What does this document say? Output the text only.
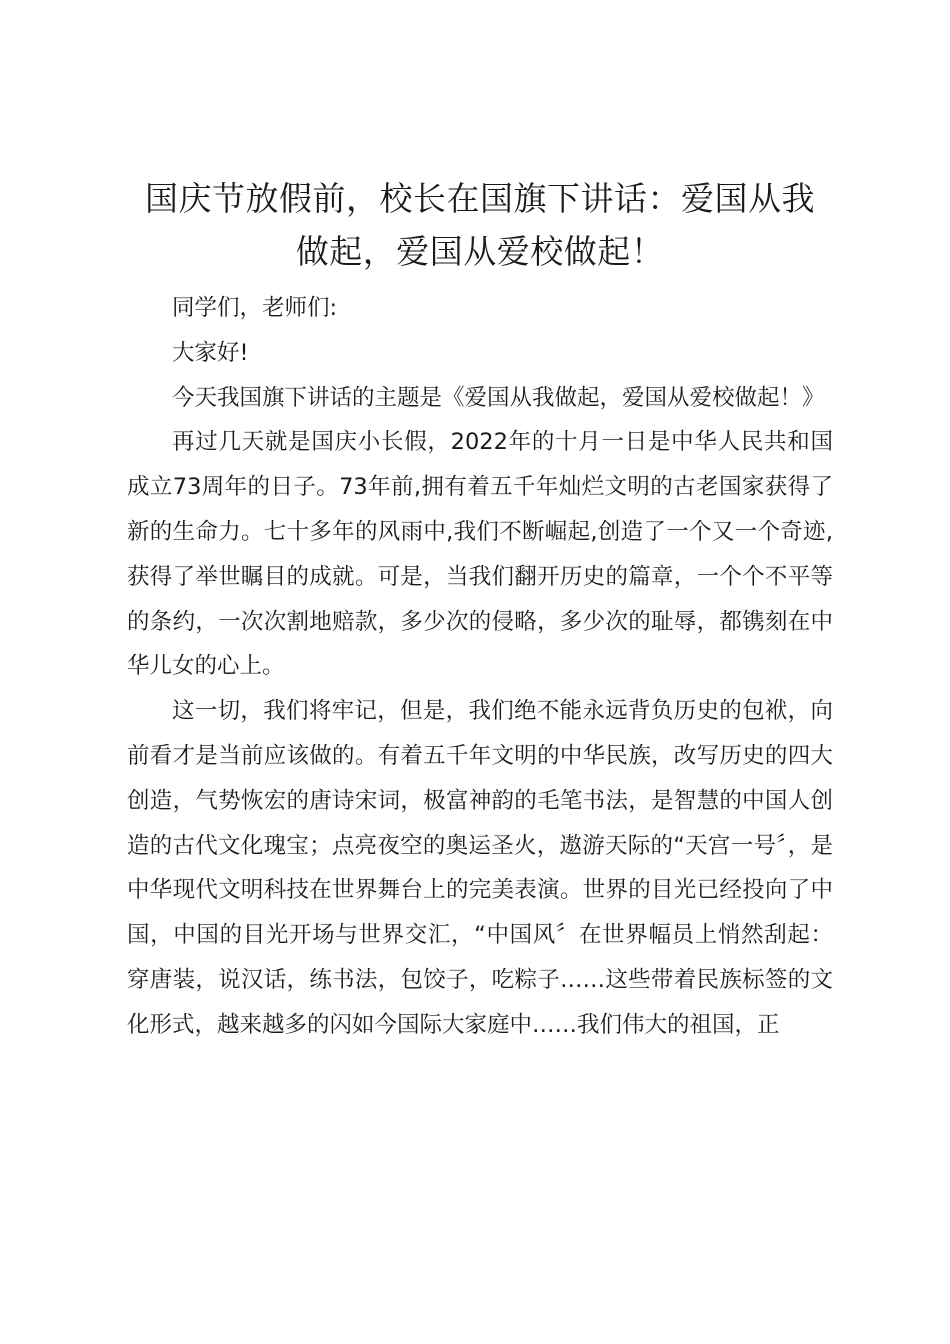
国庆节放假前，校长在国旗下讲话：爱国从我
做起，爱国从爱校做起！

同学们，老师们:

大家好!

今天我国旗下讲话的主题是《爱国从我做起，爱国从爱校做起！》

再过几天就是国庆小长假，2022年的十月一日是中华人民共和国成立73周年的日子。73年前,拥有着五千年灿烂文明的古老国家获得了新的生命力。七十多年的风雨中,我们不断崛起,创造了一个又一个奇迹,获得了举世瞩目的成就。可是，当我们翻开历史的篇章，一个个不平等的条约，一次次割地赔款，多少次的侵略，多少次的耻辱，都镌刻在中华儿女的心上。

这一切，我们将牢记，但是，我们绝不能永远背负历史的包袱，向前看才是当前应该做的。有着五千年文明的中华民族，改写历史的四大创造，气势恢宏的唐诗宋词，极富神韵的毛笔书法，是智慧的中国人创造的古代文化瑰宝；点亮夜空的奥运圣火，遨游天际的“天宫一号〞，是中华现代文明科技在世界舞台上的完美表演。世界的目光已经投向了中国，中国的目光开场与世界交汇，“中国风〞在世界幅员上悄然刮起：穿唐装，说汉话，练书法，包饺子，吃粽子……这些带着民族标签的文化形式，越来越多的闪如今国际大家庭中……我们伟大的祖国，正
